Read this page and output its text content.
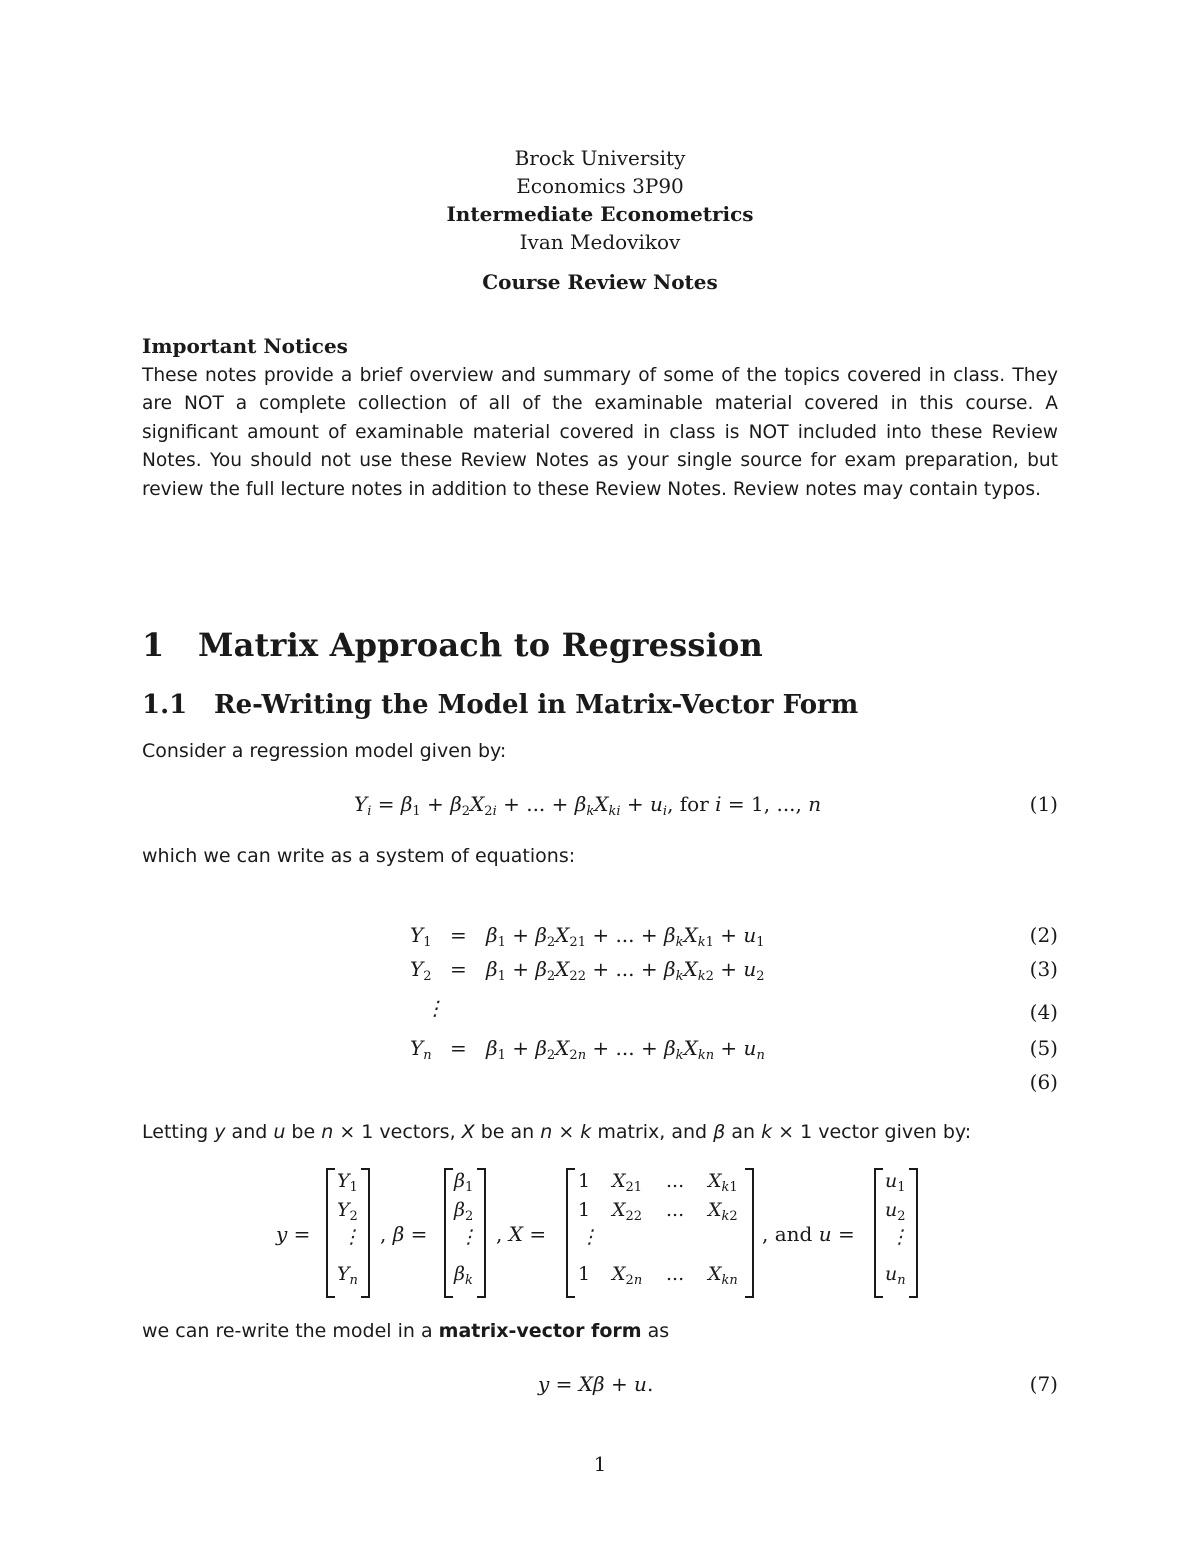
Brock University
Economics 3P90
Intermediate Econometrics
Ivan Medovikov
Course Review Notes
Important Notices
These notes provide a brief overview and summary of some of the topics covered in class. They are NOT a complete collection of all of the examinable material covered in this course. A significant amount of examinable material covered in class is NOT included into these Review Notes. You should not use these Review Notes as your single source for exam preparation, but review the full lecture notes in addition to these Review Notes. Review notes may contain typos.
1 Matrix Approach to Regression
1.1 Re-Writing the Model in Matrix-Vector Form
Consider a regression model given by:
$Y_i = \beta_1 + \beta_2X_{2i}$ + ... + $\beta_kX_{ki} + u_i$, for i = 1, ..., n	(1)
which we can write as a system of equations:
$Y_1 = \beta_1 + \beta_2X_{21}$ + ... + $\beta_kX_{k1} + u_1$	(2)
$Y_2 = \beta_1 + \beta_2X_{22}$ + ... + $\beta_kX_{k2} + u_2$	(3)
⋮	(4)
$Y_n = \beta_1 + \beta_2X_{2n}$ + ... + $\beta_kX_{kn} + u_n$	(5)
(6)
Letting y and u be n × 1 vectors, X be an n × k matrix, and β an k × 1 vector given by:
y =
$Y_1$
$Y_2$
⋮
$Y_n$
, β =
$\beta_1$
$\beta_2$
⋮
$\beta_k$
, X =
1 $X_{21}$ ... $X_{k1}$
1 $X_{22}$ ... $X_{k2}$
⋮
1 $X_{2n}$ ... $X_{kn}$
, and u =
$u_1$
$u_2$
⋮
$u_n$
we can re-write the model in a matrix-vector form as
y = Xβ + u.	(7)
1
